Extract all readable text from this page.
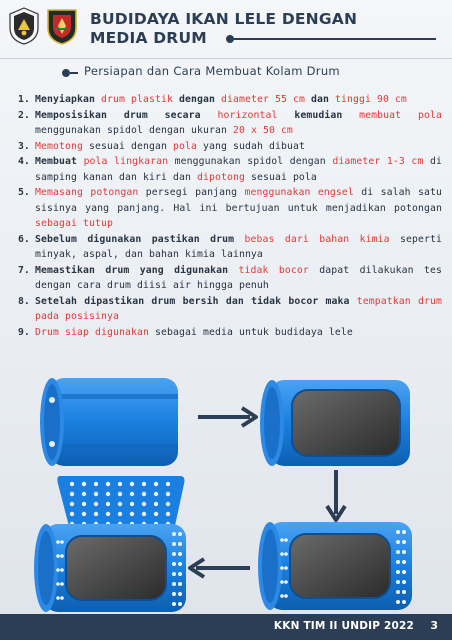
BUDIDAYA IKAN LELE DENGAN
MEDIA DRUM
Persiapan dan Cara Membuat Kolam Drum
1. Menyiapkan drum plastik dengan diameter 55 cm dan tinggi 90 cm
2. Memposisikan drum secara horizontal kemudian membuat pola menggunakan spidol dengan ukuran 20 x 50 cm
3. Memotong sesuai dengan pola yang sudah dibuat
4. Membuat pola lingkaran menggunakan spidol dengan diameter 1-3 cm di samping kanan dan kiri dan dipotong sesuai pola
5. Memasang potongan persegi panjang menggunakan engsel di salah satu sisinya yang panjang. Hal ini bertujuan untuk menjadikan potongan sebagai tutup
6. Sebelum digunakan pastikan drum bebas dari bahan kimia seperti minyak, aspal, dan bahan kimia lainnya
7. Memastikan drum yang digunakan tidak bocor dapat dilakukan tes dengan cara drum diisi air hingga penuh
8. Setelah dipastikan drum bersih dan tidak bocor maka tempatkan drum pada posisinya
9. Drum siap digunakan sebagai media untuk budidaya lele
KKN TIM II UNDIP 2022 3
